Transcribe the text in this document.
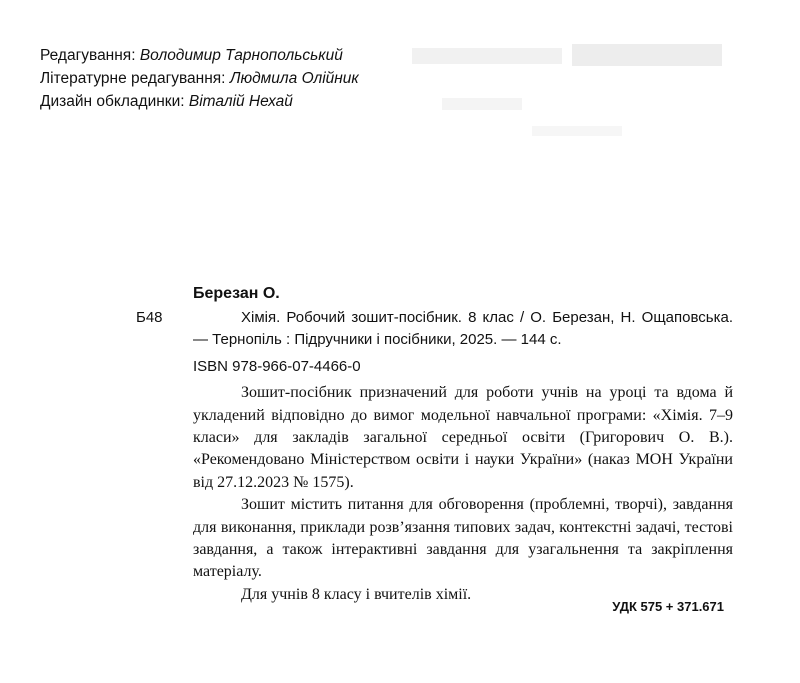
Редагування: Володимир Тарнопольський
Літературне редагування: Людмила Олійник
Дизайн обкладинки: Віталій Нехай
Березан О.
Б48	Хімія. Робочий зошит-посібник. 8 клас / О. Березан, Н. Ощаповська. — Тернопіль : Підручники і посібники, 2025. — 144 с.

ISBN 978-966-07-4466-0

Зошит-посібник призначений для роботи учнів на уроці та вдома й укладений відповідно до вимог модельної навчальної програми: «Хімія. 7–9 класи» для закладів загальної середньої освіти (Григорович О. В.). «Рекомендовано Міністерством освіти і науки України» (наказ МОН України від 27.12.2023 № 1575).

Зошит містить питання для обговорення (проблемні, творчі), завдання для виконання, приклади розв’язання типових задач, контекстні задачі, тестові завдання, а також інтерактивні завдання для узагальнення та закріплення матеріалу.

Для учнів 8 класу і вчителів хімії.

УДК 575 + 371.671
